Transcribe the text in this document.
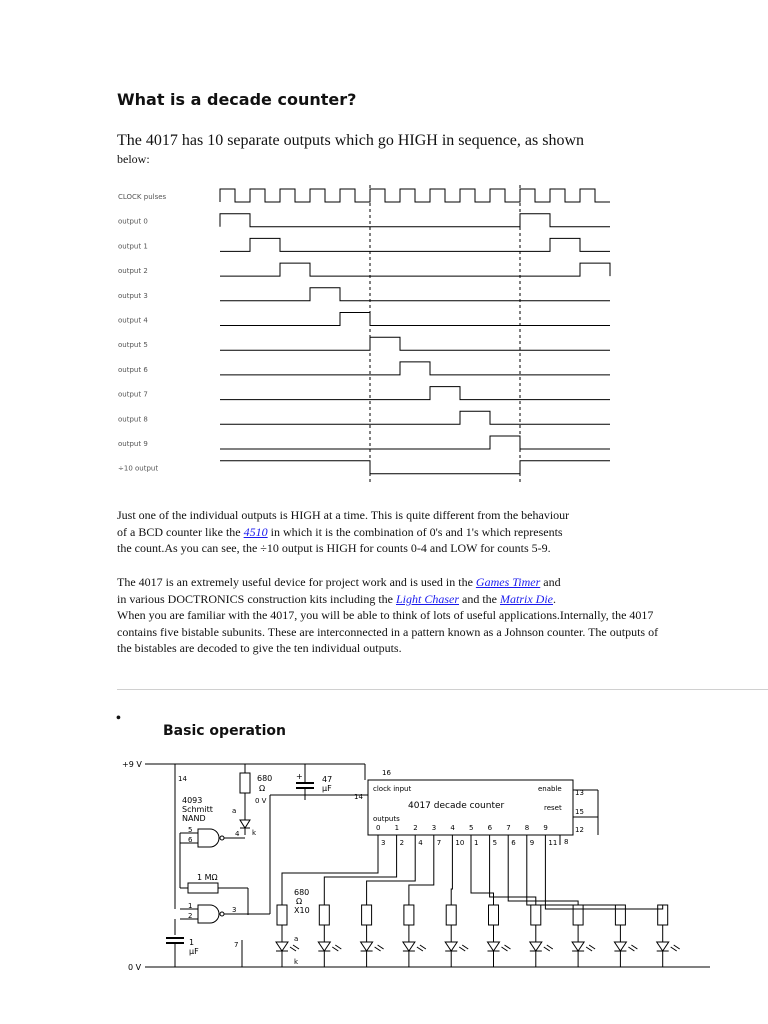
What is a decade counter?
The 4017 has 10 separate outputs which go HIGH in sequence, as shown
below:
CLOCK pulses
output 0
output 1
output 2
output 3
output 4
output 5
output 6
output 7
output 8
output 9
÷10 output
Just one of the individual outputs is HIGH at a time. This is quite different from the behaviour
of a BCD counter like the 4510 in which it is the combination of 0's and 1's which represents
the count.As you can see, the ÷10 output is HIGH for counts 0-4 and LOW for counts 5-9.
The 4017 is an extremely useful device for project work and is used in the Games Timer and
in various DOCTRONICS construction kits including the Light Chaser and the Matrix Die.
When you are familiar with the 4017, you will be able to think of lots of useful applications.Internally, the 4017 contains five bistable subunits. These are interconnected in a pattern known as a Johnson counter. The outputs of the bistables are decoded to give the ten individual outputs.
•
Basic operation
+9 V
0 V
14
7
680
Ω
+ 47
µF
0 V
a
k
4093
Schmitt
NAND
5
6
4
1 MΩ
1
2
3
1
µF
16
14
clock input	enable
reset
4017 decade counter
outputs
13
15
12
8
0
3
1
2
2
4
3
7
4
10
5
1
6
5
7
6
8
9
9
11
680
Ω
X10
a
k
